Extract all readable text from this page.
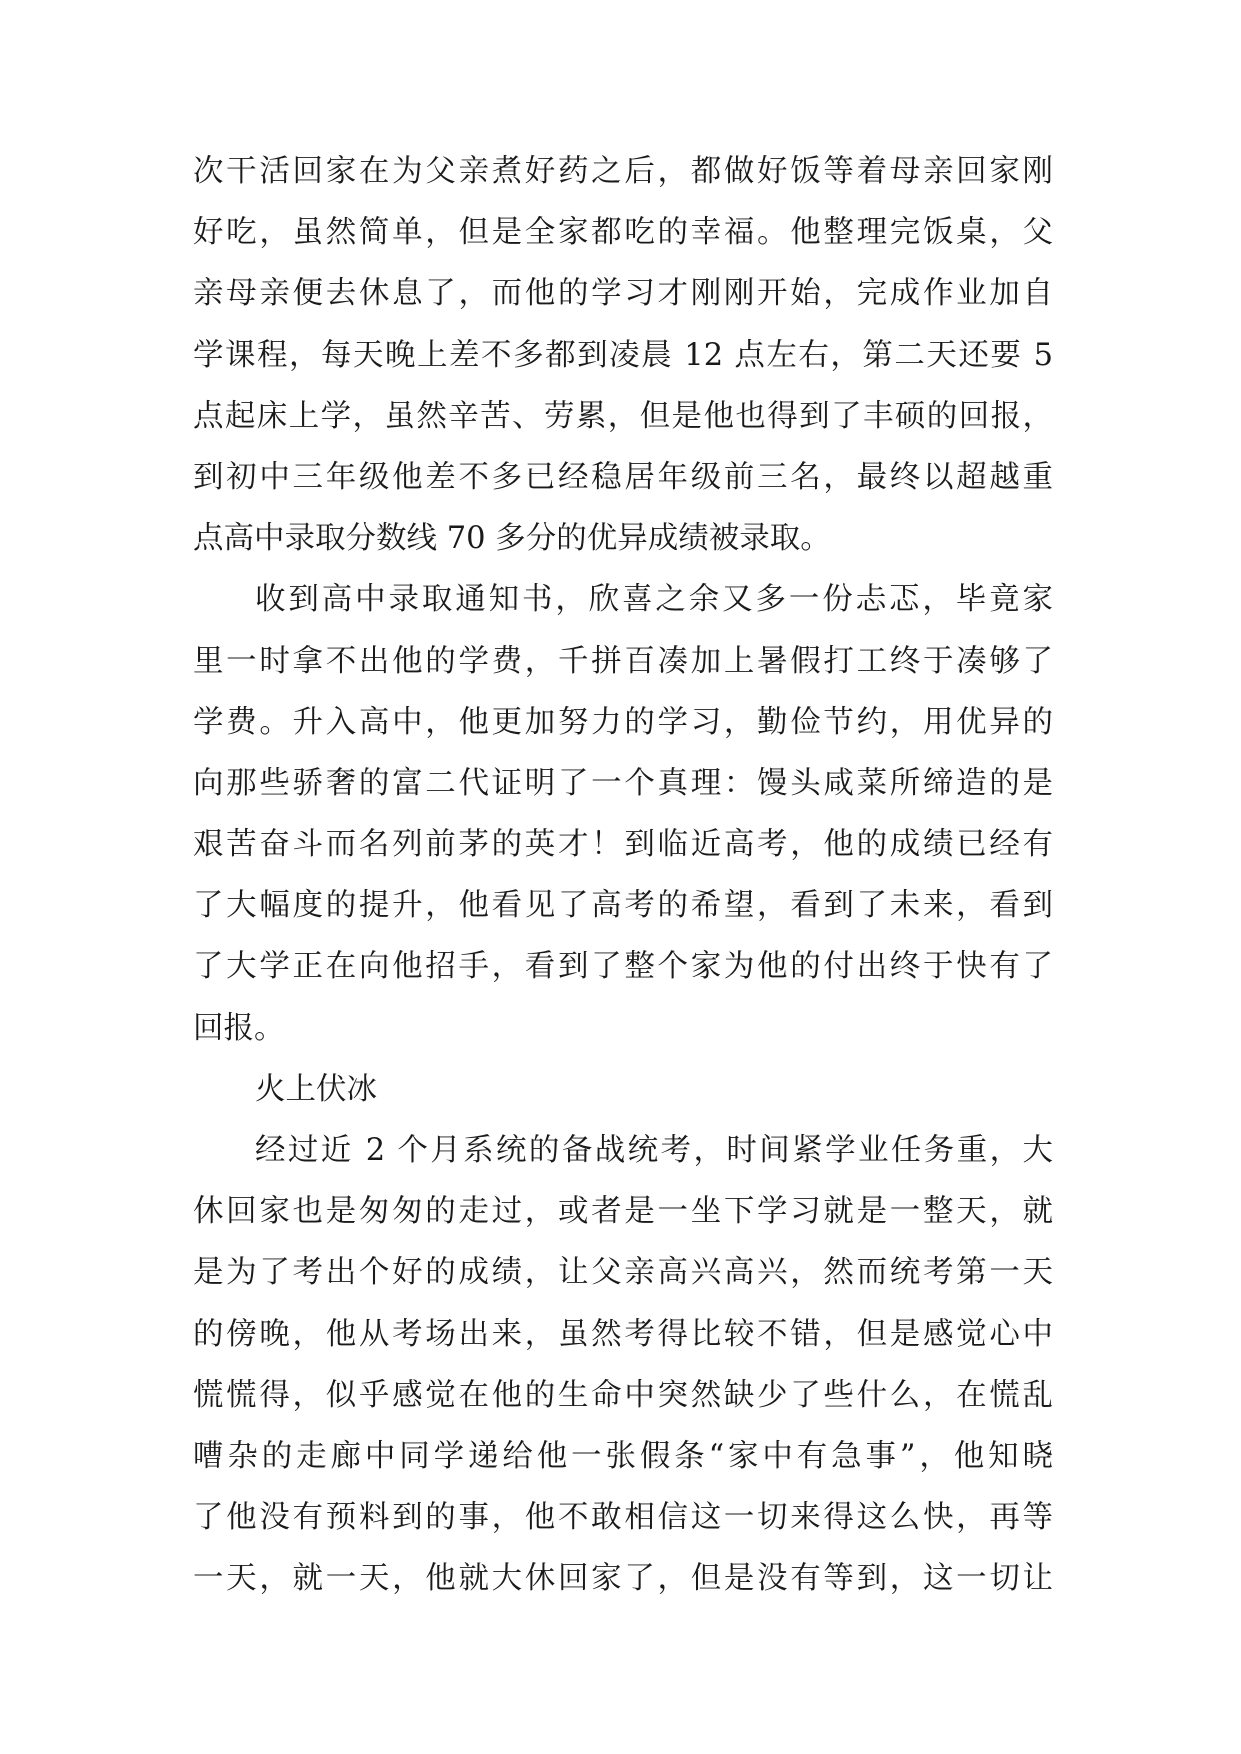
次干活回家在为父亲煮好药之后，都做好饭等着母亲回家刚
好吃，虽然简单，但是全家都吃的幸福。他整理完饭桌，父
亲母亲便去休息了，而他的学习才刚刚开始，完成作业加自
学课程，每天晚上差不多都到凌晨 12 点左右，第二天还要 5
点起床上学，虽然辛苦、劳累，但是他也得到了丰硕的回报，
到初中三年级他差不多已经稳居年级前三名，最终以超越重
点高中录取分数线 70 多分的优异成绩被录取。
收到高中录取通知书，欣喜之余又多一份忐忑，毕竟家
里一时拿不出他的学费，千拼百凑加上暑假打工终于凑够了
学费。升入高中，他更加努力的学习，勤俭节约，用优异的
向那些骄奢的富二代证明了一个真理：馒头咸菜所缔造的是
艰苦奋斗而名列前茅的英才！到临近高考，他的成绩已经有
了大幅度的提升，他看见了高考的希望，看到了未来，看到
了大学正在向他招手，看到了整个家为他的付出终于快有了
回报。
火上伏冰
经过近 2 个月系统的备战统考，时间紧学业任务重，大
休回家也是匆匆的走过，或者是一坐下学习就是一整天，就
是为了考出个好的成绩，让父亲高兴高兴，然而统考第一天
的傍晚，他从考场出来，虽然考得比较不错，但是感觉心中
慌慌得，似乎感觉在他的生命中突然缺少了些什么，在慌乱
嘈杂的走廊中同学递给他一张假条“家中有急事”，他知晓
了他没有预料到的事，他不敢相信这一切来得这么快，再等
一天，就一天，他就大休回家了，但是没有等到，这一切让
